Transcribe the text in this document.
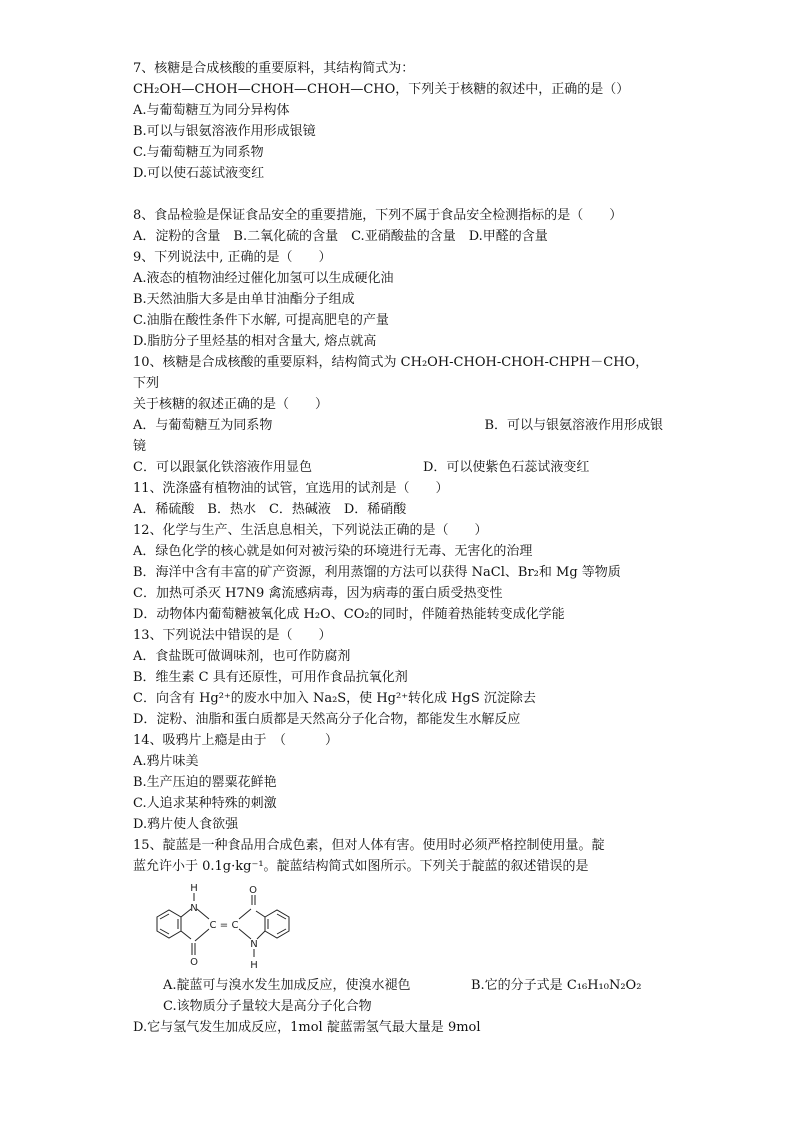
7、核糖是合成核酸的重要原料，其结构简式为：
CH₂OH—CHOH—CHOH—CHOH—CHO，下列关于核糖的叙述中，正确的是（）
A.与葡萄糖互为同分异构体
B.可以与银氨溶液作用形成银镜
C.与葡萄糖互为同系物
D.可以使石蕊试液变红
8、食品检验是保证食品安全的重要措施，下列不属于食品安全检测指标的是（　　）
A．淀粉的含量　B.二氧化硫的含量　C.亚硝酸盐的含量　D.甲醛的含量
9、下列说法中, 正确的是（　　）
A.液态的植物油经过催化加氢可以生成硬化油
B.天然油脂大多是由单甘油酯分子组成
C.油脂在酸性条件下水解, 可提高肥皂的产量
D.脂肪分子里烃基的相对含量大, 熔点就高
10、核糖是合成核酸的重要原料，结构简式为 CH₂OH-CHOH-CHOH-CHPH－CHO，
下列
关于核糖的叙述正确的是（　　）
A．与葡萄糖互为同系物	B．可以与银氨溶液作用形成银
镜
C．可以跟氯化铁溶液作用显色	D．可以使紫色石蕊试液变红
11、洗涤盛有植物油的试管，宜选用的试剂是（　　）
A．稀硫酸　B．热水　C．热碱液　D．稀硝酸
12、化学与生产、生活息息相关，下列说法正确的是（　　）
A．绿色化学的核心就是如何对被污染的环境进行无毒、无害化的治理
B．海洋中含有丰富的矿产资源，利用蒸馏的方法可以获得 NaCl、Br₂和 Mg 等物质
C．加热可杀灭 H7N9 禽流感病毒，因为病毒的蛋白质受热变性
D．动物体内葡萄糖被氧化成 H₂O、CO₂的同时，伴随着热能转变成化学能
13、下列说法中错误的是（　　）
A．食盐既可做调味剂，也可作防腐剂
B．维生素 C 具有还原性，可用作食品抗氧化剂
C．向含有 Hg²⁺的废水中加入 Na₂S，使 Hg²⁺转化成 HgS 沉淀除去
D．淀粉、油脂和蛋白质都是天然高分子化合物，都能发生水解反应
14、吸鸦片上瘾是由于　（　　　）
A.鸦片味美
B.生产压迫的罂粟花鲜艳
C.人追求某种特殊的刺激
D.鸦片使人食欲强
15、靛蓝是一种食品用合成色素，但对人体有害。使用时必须严格控制使用量。靛
蓝允许小于 0.1g·kg⁻¹。靛蓝结构简式如图所示。下列关于靛蓝的叙述错误的是
H
N
O
C = C
O
N
H
A.靛蓝可与溴水发生加成反应，使溴水褪色	B.它的分子式是 C₁₆H₁₀N₂O₂
C.该物质分子量较大是高分子化合物
D.它与氢气发生加成反应，1mol 靛蓝需氢气最大量是 9mol
